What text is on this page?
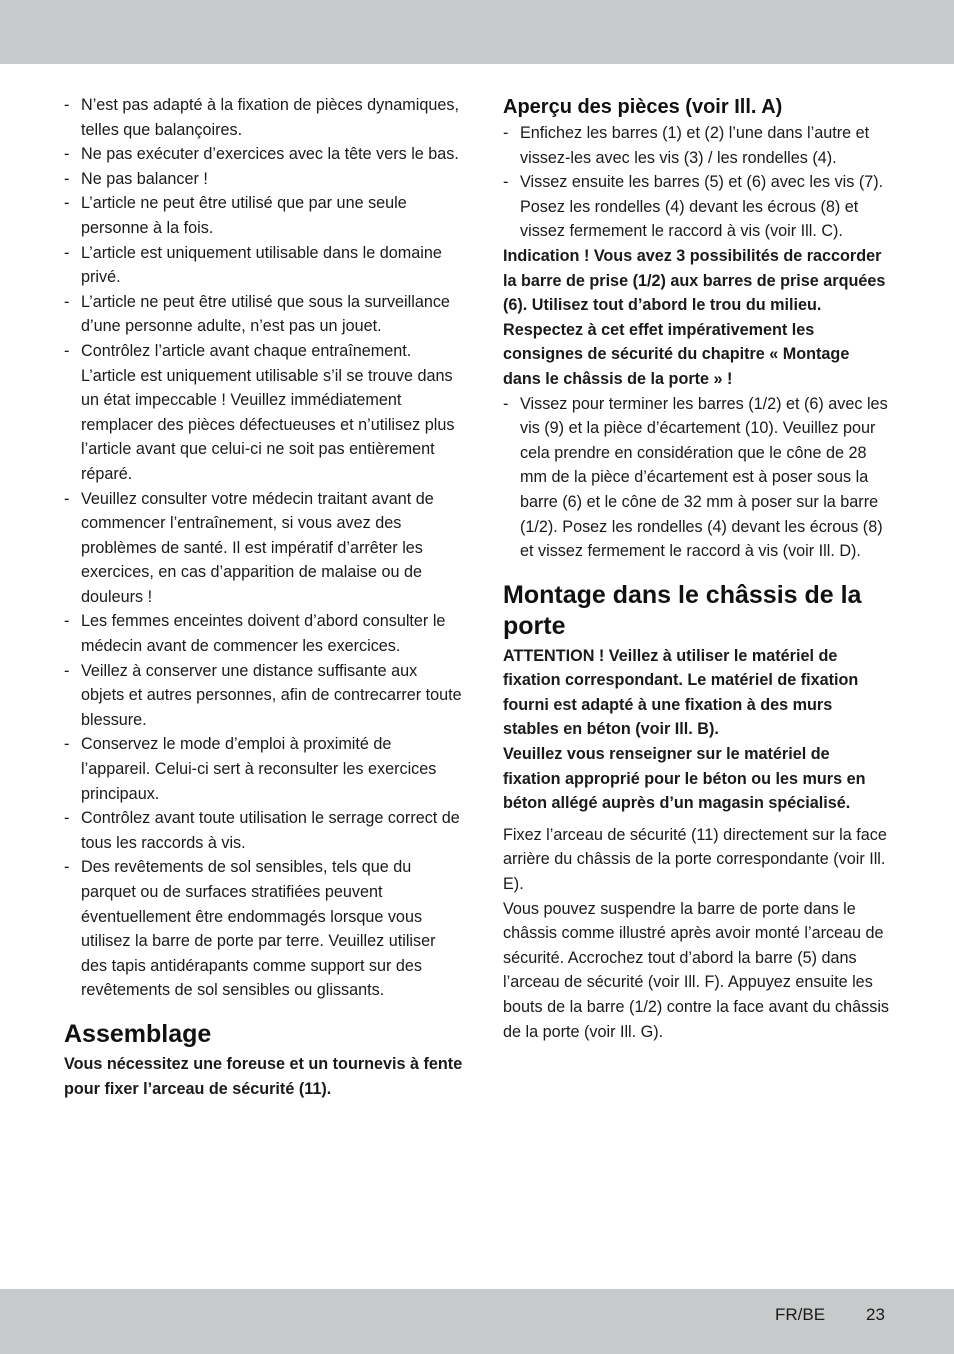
- N’est pas adapté à la fixation de pièces dynamiques, telles que balançoires.
- Ne pas exécuter d’exercices avec la tête vers le bas.
- Ne pas balancer !
- L’article ne peut être utilisé que par une seule personne à la fois.
- L’article est uniquement utilisable dans le domaine privé.
- L’article ne peut être utilisé que sous la surveillance d’une personne adulte, n’est pas un jouet.
- Contrôlez l’article avant chaque entraînement. L’article est uniquement utilisable s’il se trouve dans un état impeccable ! Veuillez immédiatement remplacer des pièces défectueuses et n’utilisez plus l’article avant que celui-ci ne soit pas entièrement réparé.
- Veuillez consulter votre médecin traitant avant de commencer l’entraînement, si vous avez des problèmes de santé. Il est impératif d’arrêter les exercices, en cas d’apparition de malaise ou de douleurs !
- Les femmes enceintes doivent d’abord consulter le médecin avant de commencer les exercices.
- Veillez à conserver une distance suffisante aux objets et autres personnes, afin de contrecarrer toute blessure.
- Conservez le mode d’emploi à proximité de l’appareil. Celui-ci sert à reconsulter les exercices principaux.
- Contrôlez avant toute utilisation le serrage correct de tous les raccords à vis.
- Des revêtements de sol sensibles, tels que du parquet ou de surfaces stratifiées peuvent éventuellement être endommagés lorsque vous utilisez la barre de porte par terre. Veuillez utiliser des tapis antidérapants comme support sur des revêtements de sol sensibles ou glissants.
Assemblage

Vous nécessitez une foreuse et un tournevis à fente pour fixer l’arceau de sécurité (11).

Aperçu des pièces (voir Ill. A)
- Enfichez les barres (1) et (2) l’une dans l’autre et vissez-les avec les vis (3) / les rondelles (4).
- Vissez ensuite les barres (5) et (6) avec les vis (7). Posez les rondelles (4) devant les écrous (8) et vissez fermement le raccord à vis (voir Ill. C).

Indication ! Vous avez 3 possibilités de raccorder la barre de prise (1/2) aux barres de prise arquées (6). Utilisez tout d’abord le trou du milieu. Respectez à cet effet impérativement les consignes de sécurité du chapitre « Montage dans le châssis de la porte » !

- Vissez pour terminer les barres (1/2) et (6) avec les vis (9) et la pièce d’écartement (10). Veuillez pour cela prendre en considération que le cône de 28 mm de la pièce d’écartement est à poser sous la barre (6) et le cône de 32 mm à poser sur la barre (1/2). Posez les rondelles (4) devant les écrous (8) et vissez fermement le raccord à vis (voir Ill. D).
Montage dans le châssis de la porte

ATTENTION ! Veillez à utiliser le matériel de fixation correspondant. Le matériel de fixation fourni est adapté à une fixation à des murs stables en béton (voir Ill. B).

Veuillez vous renseigner sur le matériel de fixation approprié pour le béton ou les murs en béton allégé auprès d’un magasin spécialisé.

Fixez l’arceau de sécurité (11) directement sur la face arrière du châssis de la porte correspondante (voir Ill. E).

Vous pouvez suspendre la barre de porte dans le châssis comme illustré après avoir monté l’arceau de sécurité. Accrochez tout d’abord la barre (5) dans l’arceau de sécurité (voir Ill. F). Appuyez ensuite les bouts de la barre (1/2) contre la face avant du châssis de la porte (voir Ill. G).

FR/BE 23
